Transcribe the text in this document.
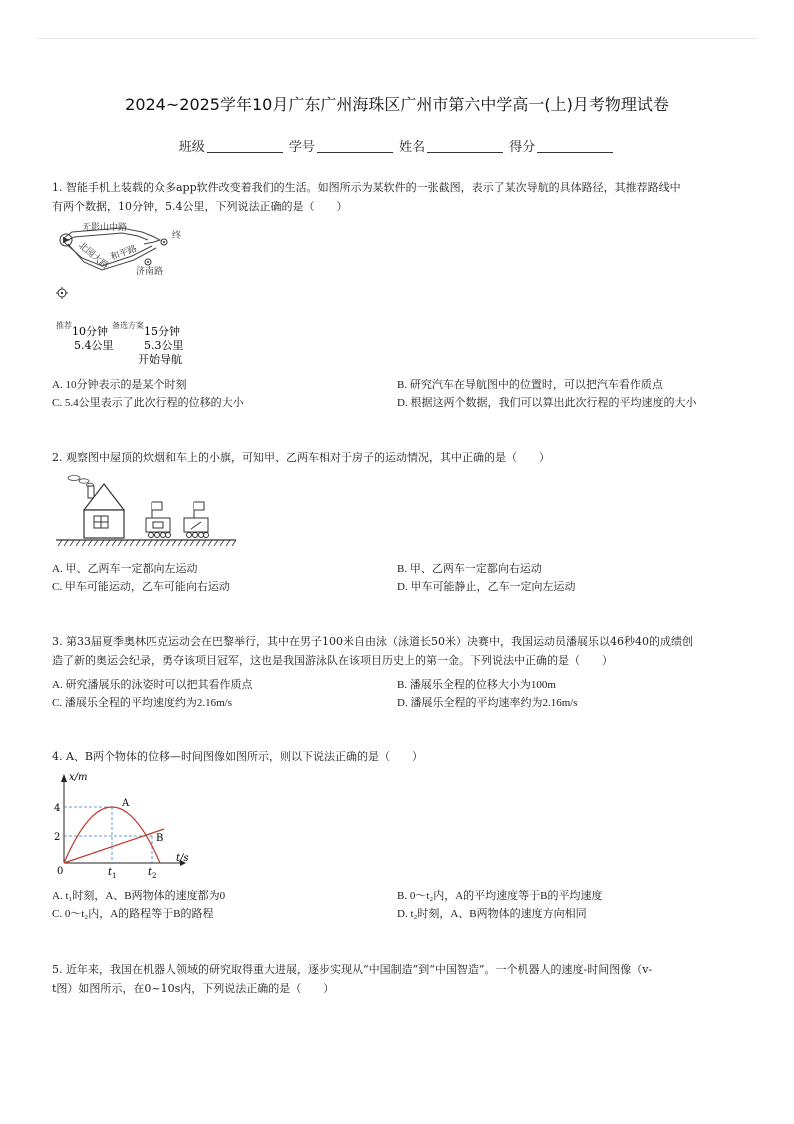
2024~2025学年10月广东广州海珠区广州市第六中学高一(上)月考物理试卷
班级	学号	姓名	得分
1. 智能手机上装载的众多app软件改变着我们的生活。如图所示为某软件的一张截图，表示了某次导航的具体路径，其推荐路线中
有两个数据，10分钟，5.4公里，下列说法正确的是（　　）
无影山中路
北园大路 和平路
济南路
终
推荐 10分钟
5.4公里
备选方案 15分钟
5.3公里
开始导航
A. 10分钟表示的是某个时刻	B. 研究汽车在导航图中的位置时，可以把汽车看作质点
C. 5.4公里表示了此次行程的位移的大小	D. 根据这两个数据，我们可以算出此次行程的平均速度的大小
2. 观察图中屋顶的炊烟和车上的小旗，可知甲、乙两车相对于房子的运动情况，其中正确的是（　　）
A. 甲、乙两车一定都向左运动	B. 甲、乙两车一定都向右运动
C. 甲车可能运动，乙车可能向右运动	D. 甲车可能静止，乙车一定向左运动
3. 第33届夏季奥林匹克运动会在巴黎举行，其中在男子100米自由泳（泳道长50米）决赛中，我国运动员潘展乐以46秒40的成绩创
造了新的奥运会纪录，勇夺该项目冠军，这也是我国游泳队在该项目历史上的第一金。下列说法中正确的是（　　）
A. 研究潘展乐的泳姿时可以把其看作质点	B. 潘展乐全程的位移大小为100m
C. 潘展乐全程的平均速度约为2.16m/s	D. 潘展乐全程的平均速率约为2.16m/s
4. A、B两个物体的位移—时间图像如图所示，则以下说法正确的是（　　）
x/m
t/s
0
4
2
A
B
t 1	t 2
A. t₁时刻，A、B两物体的速度都为0	B. 0～t₂内，A的平均速度等于B的平均速度
C. 0～t₂内，A的路程等于B的路程	D. t₂时刻，A、B两物体的速度方向相同
5. 近年来，我国在机器人领域的研究取得重大进展，逐步实现从“中国制造”到“中国智造”。一个机器人的速度-时间图像（v-
t图）如图所示，在0~10s内，下列说法正确的是（　　）
